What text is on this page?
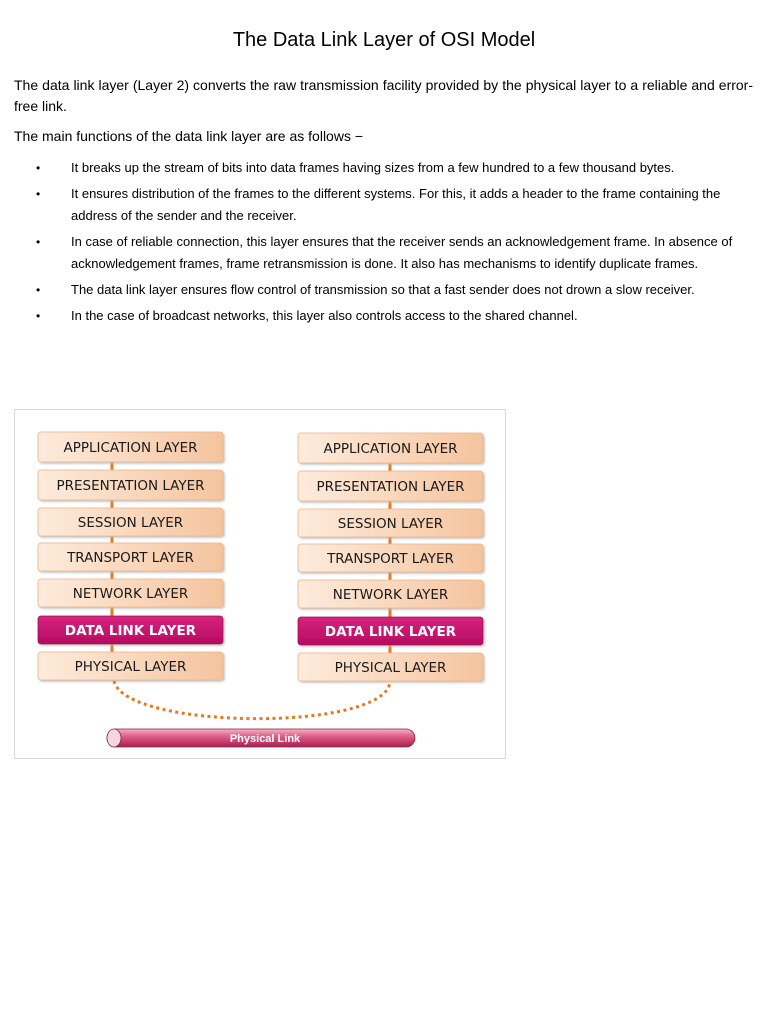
The Data Link Layer of OSI Model

The data link layer (Layer 2) converts the raw transmission facility provided by the physical layer to a reliable and error-free link.

The main functions of the data link layer are as follows −

• It breaks up the stream of bits into data frames having sizes from a few hundred to a few thousand bytes.
• It ensures distribution of the frames to the different systems. For this, it adds a header to the frame containing the address of the sender and the receiver.
• In case of reliable connection, this layer ensures that the receiver sends an acknowledgement frame. In absence of acknowledgement frames, frame retransmission is done. It also has mechanisms to identify duplicate frames.
• The data link layer ensures flow control of transmission so that a fast sender does not drown a slow receiver.
• In the case of broadcast networks, this layer also controls access to the shared channel.
APPLICATION LAYER
PRESENTATION LAYER
SESSION LAYER
TRANSPORT LAYER
NETWORK LAYER
DATA LINK LAYER
PHYSICAL LAYER
APPLICATION LAYER
PRESENTATION LAYER
SESSION LAYER
TRANSPORT LAYER
NETWORK LAYER
DATA LINK LAYER
PHYSICAL LAYER
Physical Link
